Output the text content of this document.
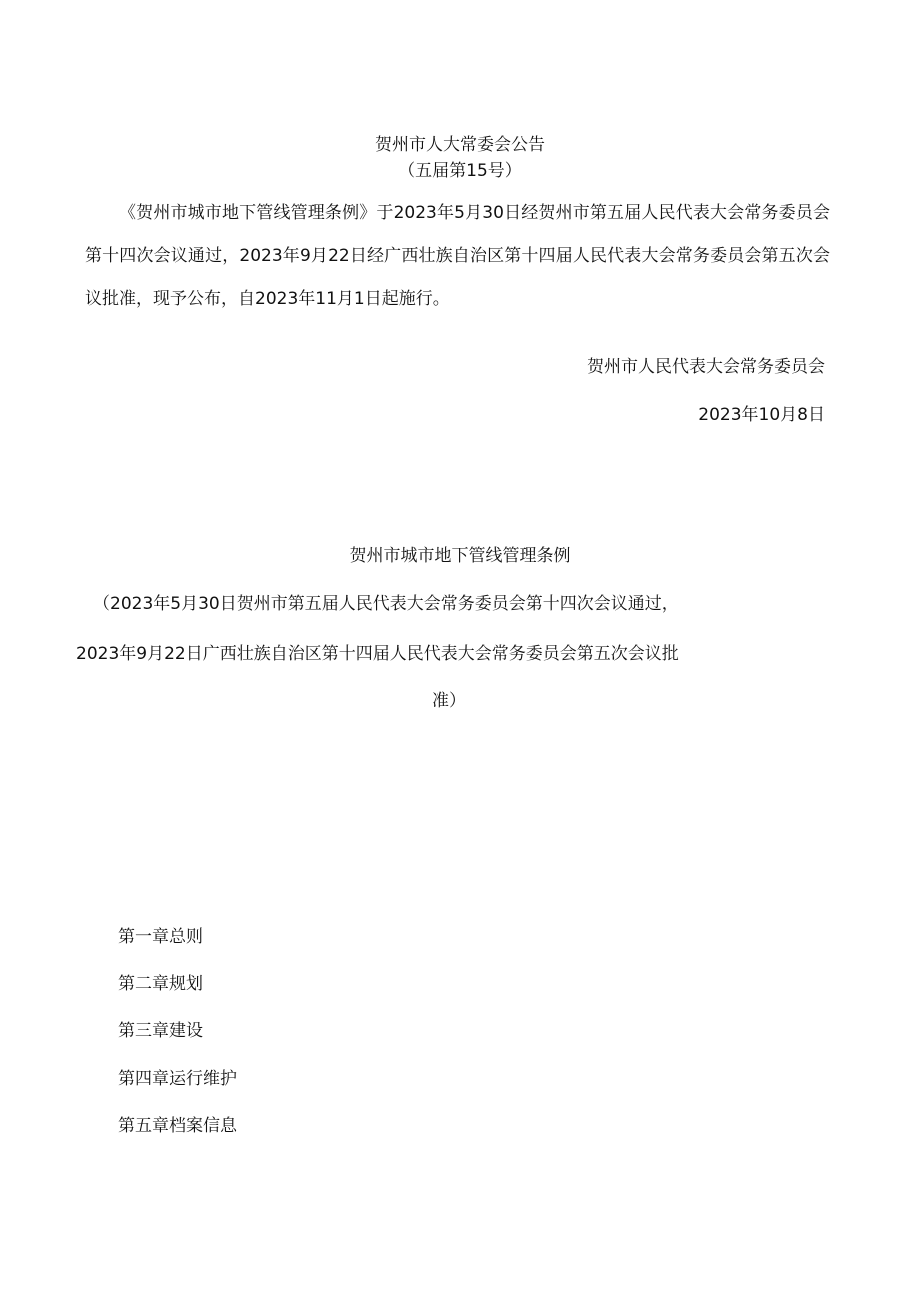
贺州市人大常委会公告
（五届第15号）
《贺州市城市地下管线管理条例》于2023年5月30日经贺州市第五届人民代表大会常务委员会第十四次会议通过，2023年9月22日经广西壮族自治区第十四届人民代表大会常务委员会第五次会议批准，现予公布，自2023年11月1日起施行。
贺州市人民代表大会常务委员会
2023年10月8日
贺州市城市地下管线管理条例
（2023年5月30日贺州市第五届人民代表大会常务委员会第十四次会议通过，
2023年9月22日广西壮族自治区第十四届人民代表大会常务委员会第五次会议批
准）
第一章总则
第二章规划
第三章建设
第四章运行维护
第五章档案信息
